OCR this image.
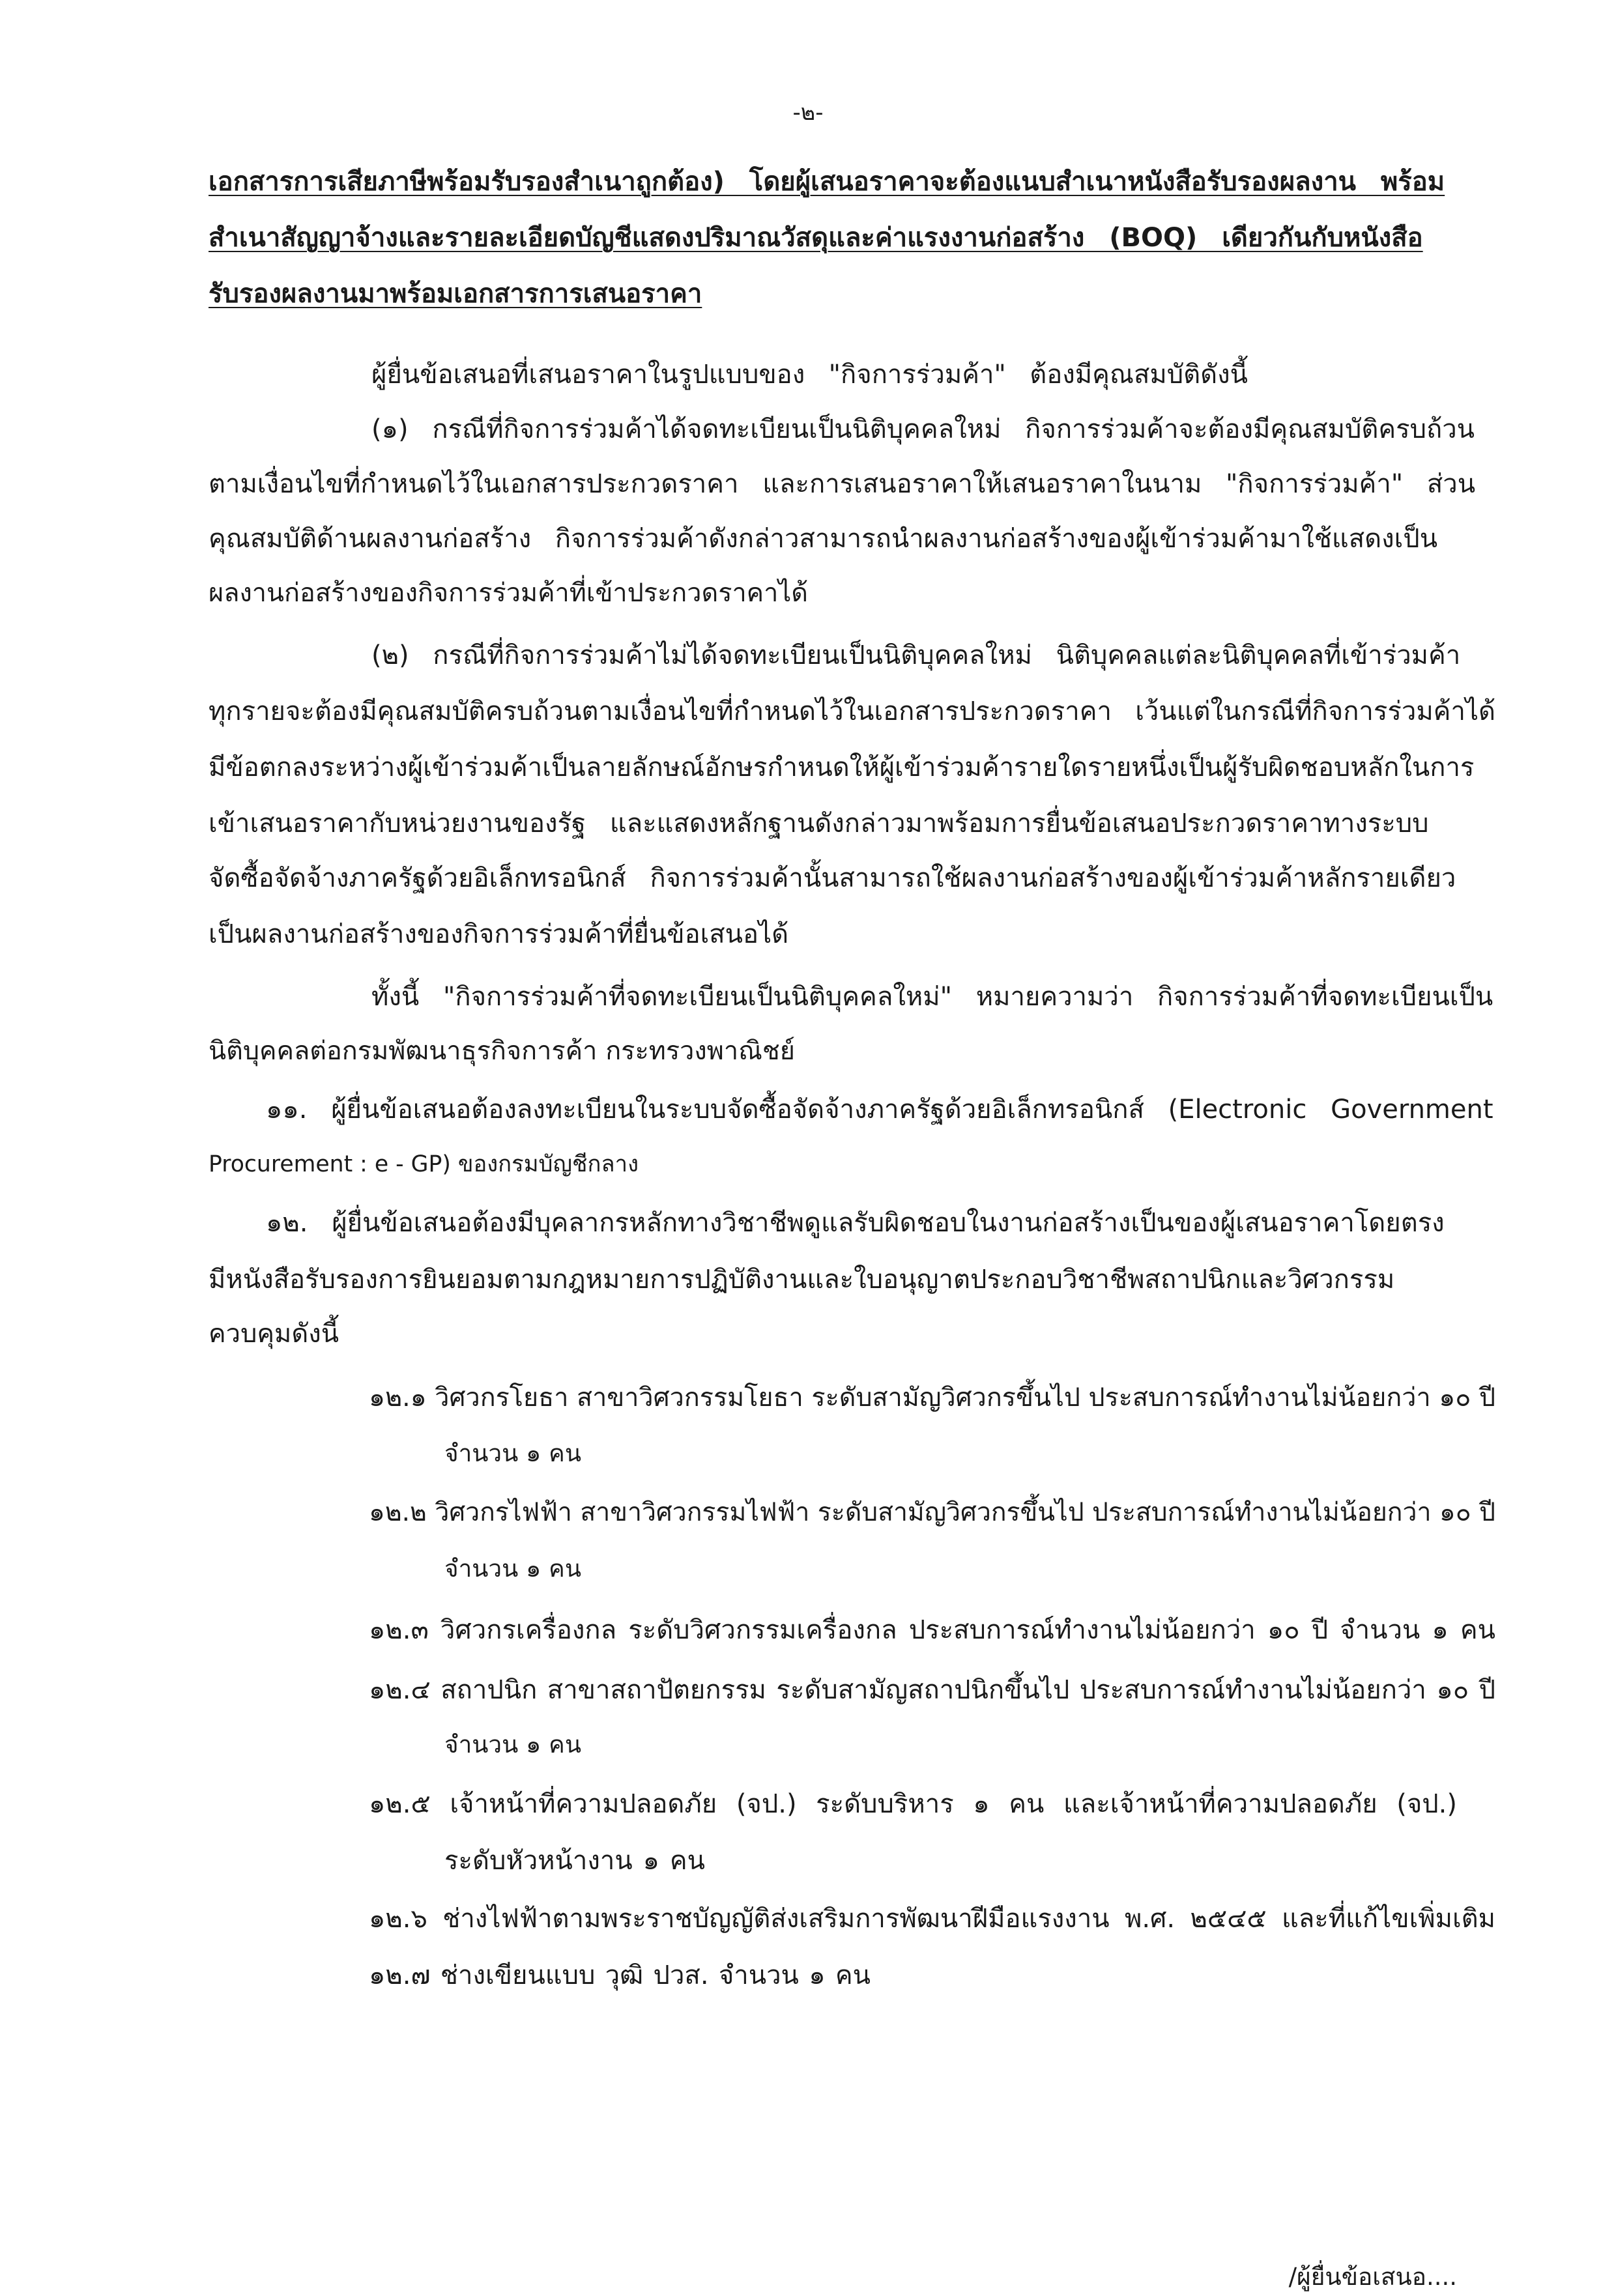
-๒-
เอกสารการเสียภาษีพร้อมรับรองสำเนาถูกต้อง) โดยผู้เสนอราคาจะต้องแนบสำเนาหนังสือรับรองผลงาน พร้อม
สำเนาสัญญาจ้างและรายละเอียดบัญชีแสดงปริมาณวัสดุและค่าแรงงานก่อสร้าง (BOQ) เดียวกันกับหนังสือ
รับรองผลงานมาพร้อมเอกสารการเสนอราคา
ผู้ยื่นข้อเสนอที่เสนอราคาในรูปแบบของ "กิจการร่วมค้า" ต้องมีคุณสมบัติดังนี้
(๑) กรณีที่กิจการร่วมค้าได้จดทะเบียนเป็นนิติบุคคลใหม่ กิจการร่วมค้าจะต้องมีคุณสมบัติครบถ้วน
ตามเงื่อนไขที่กำหนดไว้ในเอกสารประกวดราคา และการเสนอราคาให้เสนอราคาในนาม "กิจการร่วมค้า" ส่วน
คุณสมบัติด้านผลงานก่อสร้าง กิจการร่วมค้าดังกล่าวสามารถนำผลงานก่อสร้างของผู้เข้าร่วมค้ามาใช้แสดงเป็น
ผลงานก่อสร้างของกิจการร่วมค้าที่เข้าประกวดราคาได้
(๒) กรณีที่กิจการร่วมค้าไม่ได้จดทะเบียนเป็นนิติบุคคลใหม่ นิติบุคคลแต่ละนิติบุคคลที่เข้าร่วมค้า
ทุกรายจะต้องมีคุณสมบัติครบถ้วนตามเงื่อนไขที่กำหนดไว้ในเอกสารประกวดราคา เว้นแต่ในกรณีที่กิจการร่วมค้าได้
มีข้อตกลงระหว่างผู้เข้าร่วมค้าเป็นลายลักษณ์อักษรกำหนดให้ผู้เข้าร่วมค้ารายใดรายหนึ่งเป็นผู้รับผิดชอบหลักในการ
เข้าเสนอราคากับหน่วยงานของรัฐ และแสดงหลักฐานดังกล่าวมาพร้อมการยื่นข้อเสนอประกวดราคาทางระบบ
จัดซื้อจัดจ้างภาครัฐด้วยอิเล็กทรอนิกส์ กิจการร่วมค้านั้นสามารถใช้ผลงานก่อสร้างของผู้เข้าร่วมค้าหลักรายเดียว
เป็นผลงานก่อสร้างของกิจการร่วมค้าที่ยื่นข้อเสนอได้
ทั้งนี้ "กิจการร่วมค้าที่จดทะเบียนเป็นนิติบุคคลใหม่" หมายความว่า กิจการร่วมค้าที่จดทะเบียนเป็น
นิติบุคคลต่อกรมพัฒนาธุรกิจการค้า กระทรวงพาณิชย์
๑๑. ผู้ยื่นข้อเสนอต้องลงทะเบียนในระบบจัดซื้อจัดจ้างภาครัฐด้วยอิเล็กทรอนิกส์ (Electronic Government
Procurement : e - GP) ของกรมบัญชีกลาง
๑๒. ผู้ยื่นข้อเสนอต้องมีบุคลากรหลักทางวิชาชีพดูแลรับผิดชอบในงานก่อสร้างเป็นของผู้เสนอราคาโดยตรง
มีหนังสือรับรองการยินยอมตามกฎหมายการปฏิบัติงานและใบอนุญาตประกอบวิชาชีพสถาปนิกและวิศวกรรม
ควบคุมดังนี้
๑๒.๑ วิศวกรโยธา สาขาวิศวกรรมโยธา ระดับสามัญวิศวกรขึ้นไป ประสบการณ์ทำงานไม่น้อยกว่า ๑๐ ปี
จำนวน ๑ คน
๑๒.๒ วิศวกรไฟฟ้า สาขาวิศวกรรมไฟฟ้า ระดับสามัญวิศวกรขึ้นไป ประสบการณ์ทำงานไม่น้อยกว่า ๑๐ ปี
จำนวน ๑ คน
๑๒.๓ วิศวกรเครื่องกล ระดับวิศวกรรมเครื่องกล ประสบการณ์ทำงานไม่น้อยกว่า ๑๐ ปี จำนวน ๑ คน
๑๒.๔ สถาปนิก สาขาสถาปัตยกรรม ระดับสามัญสถาปนิกขึ้นไป ประสบการณ์ทำงานไม่น้อยกว่า ๑๐ ปี
จำนวน ๑ คน
๑๒.๕ เจ้าหน้าที่ความปลอดภัย (จป.) ระดับบริหาร ๑ คน และเจ้าหน้าที่ความปลอดภัย (จป.)
ระดับหัวหน้างาน ๑ คน
๑๒.๖ ช่างไฟฟ้าตามพระราชบัญญัติส่งเสริมการพัฒนาฝีมือแรงงาน พ.ศ. ๒๕๔๕ และที่แก้ไขเพิ่มเติม
๑๒.๗ ช่างเขียนแบบ วุฒิ ปวส. จำนวน ๑ คน
/ผู้ยื่นข้อเสนอ....
